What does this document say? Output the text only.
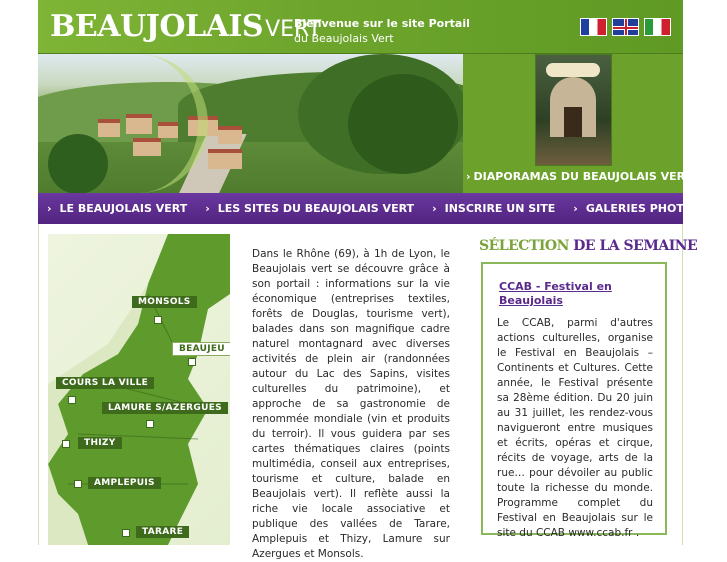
BEAUJOLAISVERT
Bienvenue sur le site Portail
du Beaujolais Vert
› DIAPORAMAS DU BEAUJOLAIS VERT
› LE BEAUJOLAIS VERT › LES SITES DU BEAUJOLAIS VERT › INSCRIRE UN SITE › GALERIES PHOTOS
MONSOLS
BEAUJEU
COURS LA VILLE
LAMURE S/AZERGUES
THIZY
AMPLEPUIS
TARARE
Dans le Rhône (69), à 1h de Lyon, le Beaujolais vert se découvre grâce à son portail : informations sur la vie économique (entreprises textiles, forêts de Douglas, tourisme vert), balades dans son magnifique cadre naturel montagnard avec diverses activités de plein air (randonnées autour du Lac des Sapins, visites culturelles du patrimoine), et approche de sa gastronomie de renommée mondiale (vin et produits du terroir). Il vous guidera par ses cartes thématiques claires (points multimédia, conseil aux entreprises, tourisme et culture, balade en Beaujolais vert). Il reflète aussi la riche vie locale associative et publique des vallées de Tarare, Amplepuis et Thizy, Lamure sur Azergues et Monsols.
SÉLECTION DE LA SEMAINE
CCAB - Festival en Beaujolais
Le CCAB, parmi d'autres actions culturelles, organise le Festival en Beaujolais – Continents et Cultures. Cette année, le Festival présente sa 28ème édition. Du 20 juin au 31 juillet, les rendez-vous navigueront entre musiques et écrits, opéras et cirque, récits de voyage, arts de la rue… pour dévoiler au public toute la richesse du monde. Programme complet du Festival en Beaujolais sur le site du CCAB www.ccab.fr .
